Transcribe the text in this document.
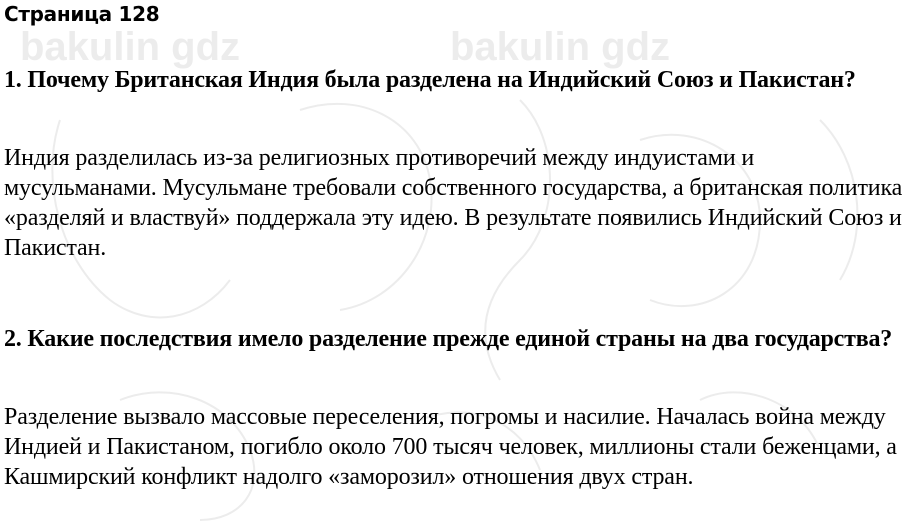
bakulin gdz
bakulin gdz
Страница 128
1. Почему Британская Индия была разделена на Индийский Союз и Пакистан?
Индия разделилась из-за религиозных противоречий между индуистами и мусульманами. Мусульмане требовали собственного государства, а британская политика «разделяй и властвуй» поддержала эту идею. В результате появились Индийский Союз и Пакистан.
2. Какие последствия имело разделение прежде единой страны на два государства?
Разделение вызвало массовые переселения, погромы и насилие. Началась война между Индией и Пакистаном, погибло около 700 тысяч человек, миллионы стали беженцами, а Кашмирский конфликт надолго «заморозил» отношения двух стран.
